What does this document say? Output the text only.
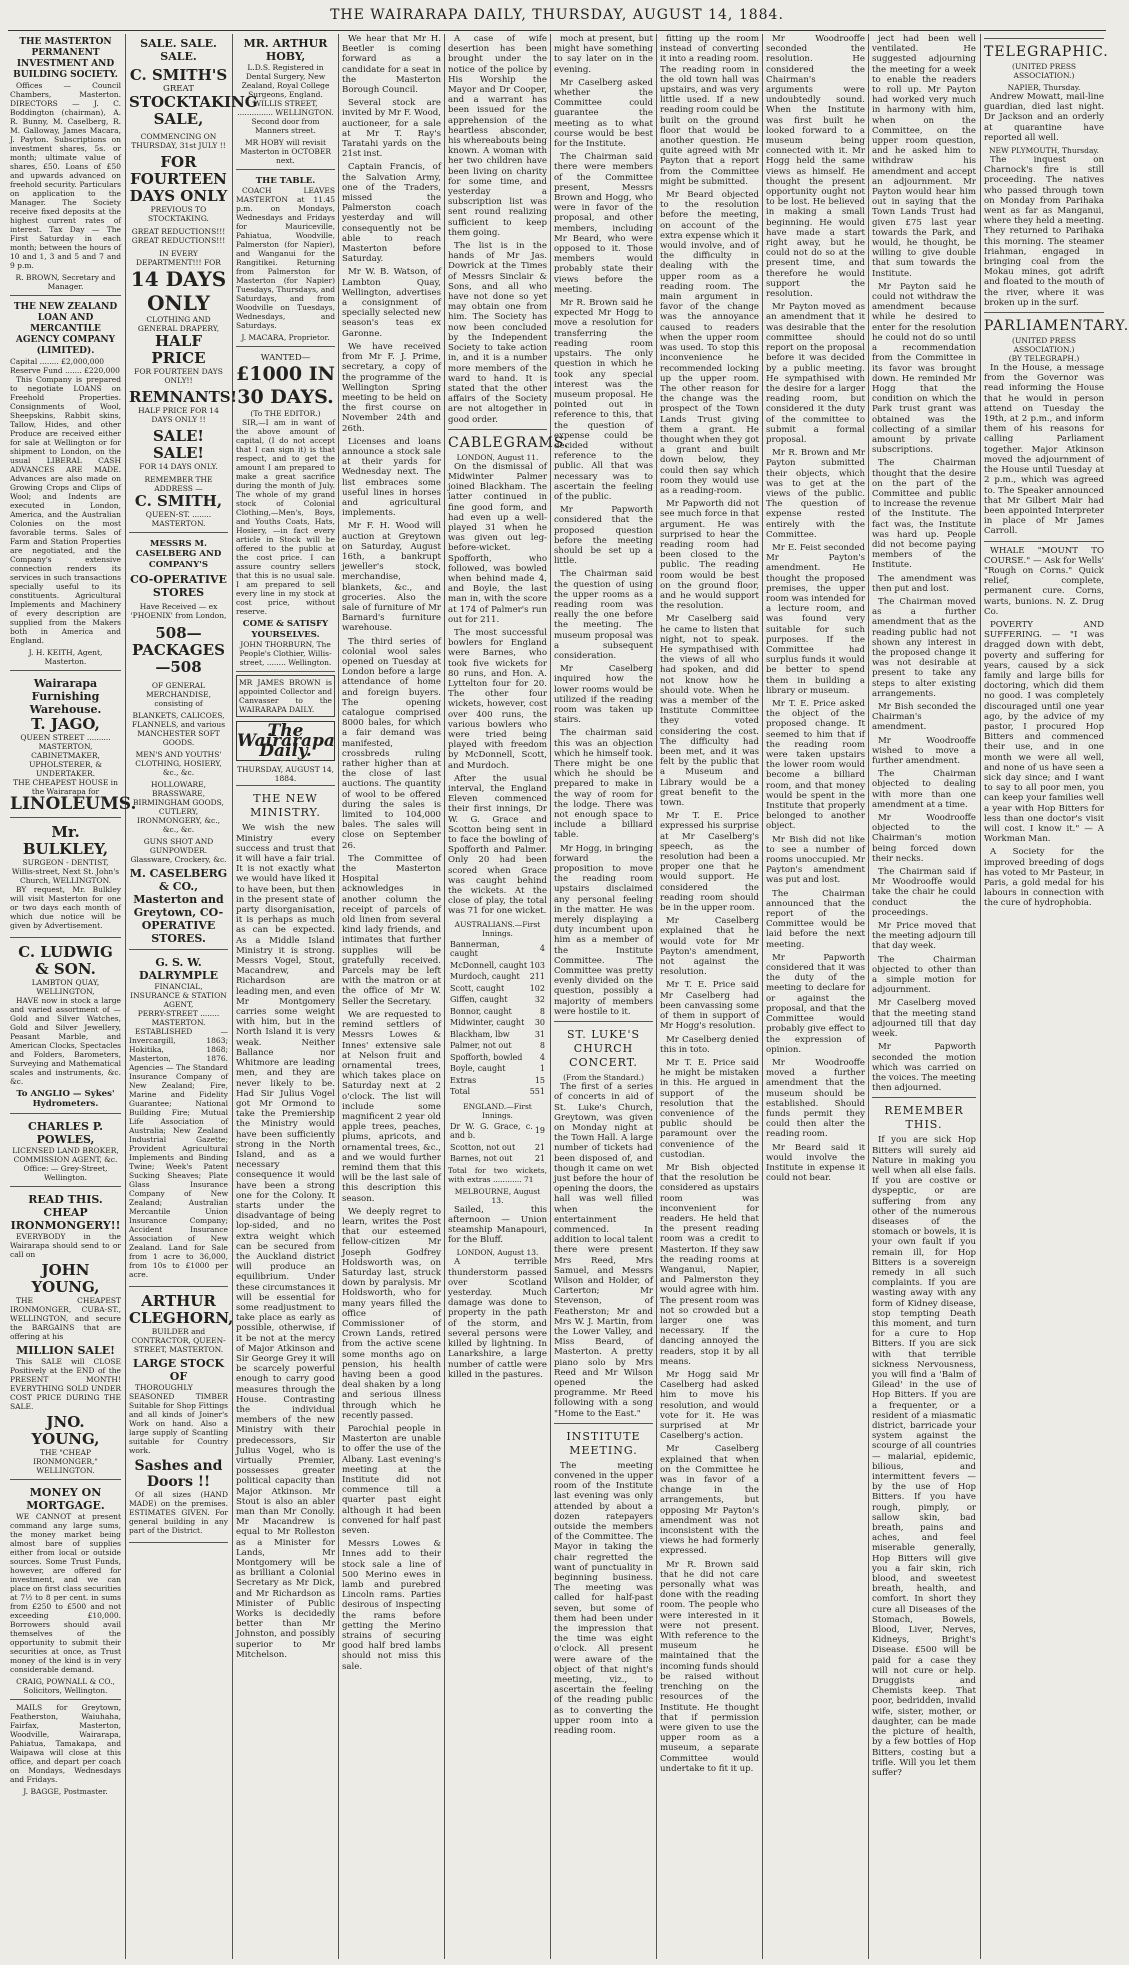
THE WAIRARAPA DAILY, THURSDAY, AUGUST 14, 1884.
THE MASTERTON PERMANENT INVESTMENT AND BUILDING SOCIETY.

Offices — Council Chambers, Masterton. DIRECTORS — J. C. Boddington (chairman), A. R. Bunny, M. Caselberg, R. M. Galloway, James Macara, J. Payton. Subscriptions on investment shares, 5s. or month; ultimate value of shares, £50. Loans of £50 and upwards advanced on freehold security. Particulars on application to the Manager. The Society receive fixed deposits at the highest current rates of interest. Tax Day — The First Saturday in each month; between the hours of 10 and 1, 3 and 5 and 7 and 9 p.m.

R. BROWN, Secretary and Manager.
THE NEW ZEALAND LOAN AND MERCANTILE AGENCY COMPANY (LIMITED).
Capital ........ £2,000,000
Reserve Fund ....... £220,000

This Company is prepared to negotiate LOANS on Freehold Properties. Consignments of Wool, Sheepskins, Rabbit skins, Tallow, Hides, and other Produce are received either for sale at Wellington or for shipment to London, on the usual LIBERAL CASH ADVANCES ARE MADE. Advances are also made on Growing Crops and Clips of Wool; and Indents are executed in London, America, and the Australian Colonies on the most favorable terms. Sales of Farm and Station Properties are negotiated, and the Company's extensive connection renders its services in such transactions specially useful to its constituents. Agricultural Implements and Machinery of every description are supplied from the Makers both in America and England.

J. H. KEITH, Agent, Masterton.
Wairarapa Furnishing Warehouse.
T. JAGO,
QUEEN STREET .......... MASTERTON,
CABINETMAKER, UPHOLSTERER, & UNDERTAKER.
THE CHEAPEST HOUSE in the Wairarapa for
LINOLEUMS.
Mr. BULKLEY,
SURGEON - DENTIST,
Willis-street, Next St. John's Church, WELLINGTON.

BY request, Mr. Bulkley will visit Masterton for one or two days each month of which due notice will be given by Advertisement.

C. LUDWIG & SON.
LAMBTON QUAY, WELLINGTON,

HAVE now in stock a large and varied assortment of — Gold and Silver Watches, Gold and Silver Jewellery, Peasant Marble, and American Clocks, Spectacles and Folders, Barometers, Surveying and Mathematical scales and instruments, &c. &c.

To ANGLIO — Sykes' Hydrometers.
CHARLES P. POWLES,
LICENSED LAND BROKER, COMMISSION AGENT, &c.
Office: — Grey-Street, Wellington.
READ THIS.
CHEAP IRONMONGERY!!

EVERYBODY in the Wairarapa should send to or call on

JOHN YOUNG,

THE CHEAPEST IRONMONGER, CUBA-ST., WELLINGTON, and secure the BARGAINS that are offering at his

MILLION SALE!

This SALE will CLOSE Positively at the END of the PRESENT MONTH! EVERYTHING SOLD UNDER COST PRICE DURING THE SALE.

JNO. YOUNG,
THE "CHEAP IRONMONGER," WELLINGTON.
MONEY ON MORTGAGE.

WE CANNOT at present command any large sums, the money market being almost bare of supplies either from local or outside sources. Some Trust Funds, however, are offered for investment, and we can place on first class securities at 7½ to 8 per cent. in sums from £250 to £500 and not exceeding £10,000. Borrowers should avail themselves of the opportunity to submit their securities at once, as Trust money of the kind is in very considerable demand.

CRAIG, POWNALL & CO., Solicitors, Wellington.

MAILS for Greytown, Featherston, Waiuhaha, Fairfax, Masterton, Woodville, Wairarapa, Pahiatua, Tamakapa, and Waipawa will close at this office, and depart per coach on Mondays, Wednesdays and Fridays.

J. BAGGE, Postmaster.
SALE. SALE. SALE.
C. SMITH'S
GREAT
STOCKTAKING SALE,
COMMENCING ON THURSDAY, 31st JULY !!
FOR FOURTEEN DAYS ONLY
PREVIOUS TO STOCKTAKING.
GREAT REDUCTIONS!!! GREAT REDUCTIONS!!!
IN EVERY DEPARTMENT!!! FOR
14 DAYS ONLY
CLOTHING AND GENERAL DRAPERY,
HALF PRICE
FOR FOURTEEN DAYS ONLY!!
REMNANTS!
HALF PRICE FOR 14 DAYS ONLY !!
SALE! SALE!
FOR 14 DAYS ONLY.
REMEMBER THE ADDRESS —
C. SMITH,
QUEEN-ST. ........ MASTERTON.
MESSRS M. CASELBERG AND COMPANY'S
CO-OPERATIVE STORES
Have Received — ex 'PHOENIX' from London,
508—PACKAGES—508
OF GENERAL MERCHANDISE, consisting of
BLANKETS, CALICOES, FLANNELS, and various MANCHESTER SOFT GOODS.
MEN'S AND YOUTHS' CLOTHING, HOSIERY, &c., &c.
HOLLOWARE, BRASSWARE, BIRMINGHAM GOODS, CUTLERY, IRONMONGERY, &c., &c., &c.
GUNS SHOT AND GUNPOWDER. Glassware, Crockery, &c.
M. CASELBERG & CO., Masterton and Greytown, CO-OPERATIVE STORES.
G. S. W. DALRYMPLE
FINANCIAL, INSURANCE & STATION AGENT,
PERRY-STREET ........ MASTERTON.

ESTABLISHED — Invercargill, 1863; Hokitika, 1868; Masterton, 1876. Agencies — The Standard Insurance Company of New Zealand; Fire, Marine and Fidelity Guarantee; National Building Fire; Mutual Life Association of Australia; New Zealand Industrial Gazette; Provident Agricultural Implements and Binding Twine; Week's Patent Sucking Sheaves; Plate Glass Insurance Company of New Zealand; Australian Mercantile Union Insurance Company; Accident Insurance Association of New Zealand. Land for Sale from 1 acre to 36,000, from 10s to £1000 per acre.

ARTHUR CLEGHORN,
BUILDER and CONTRACTOR, QUEEN-STREET, MASTERTON.
LARGE STOCK OF

THOROUGHLY SEASONED TIMBER Suitable for Shop Fittings and all kinds of Joiner's Work on hand. Also a large supply of Scantling suitable for Country work.

Sashes and Doors !!

Of all sizes (HAND MADE) on the premises. ESTIMATES GIVEN. For general building in any part of the District.

MR. ARTHUR HOBY,
L.D.S. Registered in Dental Surgery, New Zealand, Royal College Surgeons, England.
WILLIS STREET, ............... WELLINGTON. Second door from Manners street.
MR HOBY will revisit Masterton in OCTOBER next.
THE TABLE.

COACH LEAVES MASTERTON at 11.45 p.m. on Mondays, Wednesdays and Fridays for Mauriceville, Pahiatua, Woodville, Palmerston (for Napier), and Wanganui for the Rangitikei. Returning from Palmerston for Masterton (for Napier) Tuesdays, Thursdays, and Saturdays, and from Woodville on Tuesdays, Wednesdays, and Saturdays.

J. MACARA, Proprietor.
WANTED—
£1000 IN 30 DAYS.
(To THE EDITOR.)

SIR,—I am in want of the above amount of capital, (I do not accept that I can sign it) is that respect, and to get the amount I am prepared to make a great sacrifice during the month of July. The whole of my grand stock of Colonial Clothing,—Men's, Boys, and Youths Coats, Hats, Hosiery, —in fact every article in Stock will be offered to the public at the cost price. I can assure country sellers that this is no usual sale. I am prepared to sell every line in my stock at cost price, without reserve.

COME & SATISFY YOURSELVES.
JOHN THORBURN, The People's Clothier, Willis-street, ........ Wellington.
MR JAMES BROWN is appointed Collector and Canvasser to the WAIRARAPA DAILY.
The Wairarapa Daily.
THURSDAY, AUGUST 14, 1884.
THE NEW MINISTRY.

We wish the new Ministry every success and trust that it will have a fair trial. It is not exactly what we would have liked it to have been, but then in the present state of party disorganisation, it is perhaps as much as can be expected. As a Middle Island Ministry it is strong. Messrs Vogel, Stout, Macandrew, and Richardson are leading men, and even Mr Montgomery carries some weight with him, but in the North Island it is very weak. Neither Ballance nor Whitmore are leading men, and they are never likely to be. Had Sir Julius Vogel got Mr Ormond to take the Premiership the Ministry would have been sufficiently strong in the North Island, and as a necessary consequence it would have been a strong one for the Colony. It starts under the disadvantage of being lop-sided, and no extra weight which can be secured from the Auckland district will produce an equilibrium. Under these circumstances it will be essential for some readjustment to take place as early as possible, otherwise, if it be not at the mercy of Major Atkinson and Sir George Grey it will be scarcely powerful enough to carry good measures through the House. Contrasting the individual members of the new Ministry with their predecessors, Sir Julius Vogel, who is virtually Premier, possesses greater political capacity than Major Atkinson. Mr Stout is also an abler man than Mr Conolly. Mr Macandrew is equal to Mr Rolleston as a Minister for Lands, Mr Montgomery will be as brilliant a Colonial Secretary as Mr Dick, and Mr Richardson as Minister of Public Works is decidedly better than Mr Johnston, and possibly superior to Mr Mitchelson.

We hear that Mr H. Beetler is coming forward as a candidate for a seat in the Masterton Borough Council.

Several stock are invited by Mr F. Wood, auctioneer, for a sale at Mr T. Ray's Taratahi yards on the 21st inst.

Captain Francis, of the Salvation Army, one of the Traders, missed the Palmerston coach yesterday and will consequently not be able to reach Masterton before Saturday.

Mr W. B. Watson, of Lambton Quay, Wellington, advertises a consignment of specially selected new season's teas ex Garonne.

We have received from Mr F. J. Prime, secretary, a copy of the programme of the Wellington Spring meeting to be held on the first course on November 24th and 26th.

Licenses and loans announce a stock sale at their yards for Wednesday next. The list embraces some useful lines in horses and agricultural implements.

Mr F. H. Wood will auction at Greytown on Saturday, August 16th, a bankrupt jeweller's stock, merchandise, blankets, &c., and groceries. Also the sale of furniture of Mr Barnard's furniture warehouse.

The third series of colonial wool sales opened on Tuesday at London before a large attendance of home and foreign buyers. The opening catalogue comprised 8000 bales, for which a fair demand was manifested, crossbreds ruling rather higher than at the close of last auctions. The quantity of wool to be offered during the sales is limited to 104,000 bales. The sales will close on September 26.

The Committee of the Masterton Hospital acknowledges in another column the receipt of parcels of old linen from several kind lady friends, and intimates that further supplies will be gratefully received. Parcels may be left with the matron or at the office of Mr W. Seller the Secretary.

We are requested to remind settlers of Messrs Lowes & Innes' extensive sale at Nelson fruit and ornamental trees, which takes place on Saturday next at 2 o'clock. The list will include some magnificent 2 year old apple trees, peaches, plums, apricots, and ornamental trees, &c., and we would further remind them that this will be the last sale of this description this season.

We deeply regret to learn, writes the Post that our esteemed fellow-citizen Mr Joseph Godfrey Holdsworth was, on Saturday last, struck down by paralysis. Mr Holdsworth, who for many years filled the office of Commissioner of Crown Lands, retired from the active scene some months ago on pension, his health having been a good deal shaken by a long and serious illness through which he recently passed.

Parochial people in Masterton are unable to offer the use of the Albany. Last evening's meeting at the Institute did not commence till a quarter past eight although it had been convened for half past seven.

Messrs Lowes & Innes add to their stock sale a line of 500 Merino ewes in lamb and purebred Lincoln rams. Parties desirous of inspecting the rams before getting the Merino strains of securing good half bred lambs should not miss this sale.

A case of wife desertion has been brought under the notice of the police by His Worship the Mayor and Dr Cooper, and a warrant has been issued for the apprehension of the heartless absconder, his whereabouts being known. A woman with her two children have been living on charity for some time, and yesterday a subscription list was sent round realizing sufficient to keep them going.

The list is in the hands of Mr Jas. Dowrick at the Times of Messrs Sinclair & Sons, and all who have not done so yet may obtain one from him. The Society has now been concluded by the Independent Society to take action in, and it is a number more members of the ward to hand. It is stated that the other affairs of the Society are not altogether in good order.

CABLEGRAMS.
LONDON, August 11.

On the dismissal of Midwinter Palmer joined Blackham. The latter continued in fine good form, and had even up a well-played 31 when he was given out leg-before-wicket. Spofforth, who followed, was bowled when behind made 4, and Boyle, the last man in, with the score at 174 of Palmer's run out for 211.

The most successful bowlers for England were Barnes, who took five wickets for 80 runs, and Hon. A. Lyttelton four for 20. The other four wickets, however, cost over 400 runs, the various bowlers who were tried being played with freedom by McDonnell, Scott, and Murdoch.

After the usual interval, the England Eleven commenced their first innings, Dr W. G. Grace and Scotton being sent in to face the bowling of Spofforth and Palmer. Only 20 had been scored when Grace was caught behind the wickets. At the close of play, the total was 71 for one wicket.

AUSTRALIANS.—First Innings.
Bannerman, caught	4
McDonnell, caught	103
Murdoch, caught	211
Scott, caught	102
Giffen, caught	32
Bonnor, caught	8
Midwinter, caught	30
Blackham, lbw	31
Palmer, not out	8
Spofforth, bowled	4
Boyle, caught	1
Extras	15
Total	551
ENGLAND.—First Innings.
Dr W. G. Grace, c. and b.	19
Scotton, not out	21
Barnes, not out	21
Total for two wickets, with extras ............ 71
MELBOURNE, August 13.

Sailed, this afternoon — Union steamship Manapouri, for the Bluff.

LONDON, August 13.

A terrible thunderstorm passed over Scotland yesterday. Much damage was done to property in the path of the storm, and several persons were killed by lightning. In Lanarkshire, a large number of cattle were killed in the pastures.

moch at present, but might have something to say later on in the evening.

Mr Caselberg asked whether the Committee could guarantee the meeting as to what course would be best for the Institute.

The Chairman said there were members of the Committee present, Messrs Brown and Hogg, who were in favor of the proposal, and other members, including Mr Beard, who were opposed to it. Those members would probably state their views before the meeting.

Mr R. Brown said he expected Mr Hogg to move a resolution for transferring the reading room upstairs. The only question in which he took any special interest was the museum proposal. He pointed out in reference to this, that the question of expense could be decided without reference to the public. All that was necessary was to ascertain the feeling of the public.

Mr Papworth considered that the proposed question before the meeting should be set up a little.

The Chairman said the question of using the upper rooms as a reading room was really the one before the meeting. The museum proposal was a subsequent consideration.

Mr Caselberg inquired how the lower rooms would be utilized if the reading room was taken up stairs.

The chairman said this was an objection which he himself took. There might be one which he should be prepared to make in the way of room for the lodge. There was not enough space to include a billiard table.

Mr Hogg, in bringing forward the proposition to move the reading room upstairs disclaimed any personal feeling in the matter. He was merely displaying a duty incumbent upon him as a member of the Institute Committee. The Committee was pretty evenly divided on the question, possibly a majority of members were hostile to it.

ST. LUKE'S CHURCH CONCERT.
(From the Standard.)

The first of a series of concerts in aid of St. Luke's Church, Greytown, was given on Monday night at the Town Hall. A large number of tickets had been disposed of, and though it came on wet just before the hour of opening the doors, the hall was well filled when the entertainment commenced. In addition to local talent there were present Mrs Reed, Mrs Samuel, and Messrs Wilson and Holder, of Carterton; Mr Stevenson, of Featherston; Mr and Mrs W. J. Martin, from the Lower Valley, and Miss Beard, of Masterton. A pretty piano solo by Mrs Reed and Mr Wilson opened the programme. Mr Reed following with a song "Home to the East."

INSTITUTE MEETING.

The meeting convened in the upper room of the Institute last evening was only attended by about a dozen ratepayers outside the members of the Committee. The Mayor in taking the chair regretted the want of punctuality in beginning business. The meeting was called for half-past seven, but some of them had been under the impression that the time was eight o'clock. All present were aware of the object of that night's meeting, viz., to ascertain the feeling of the reading public as to converting the upper room into a reading room.

fitting up the room instead of converting it into a reading room. The reading room in the old town hall was upstairs, and was very little used. If a new reading room could be built on the ground floor that would be another question. He quite agreed with Mr Payton that a report from the Committee might be submitted.

Mr Beard objected to the resolution before the meeting, on account of the extra expense which it would involve, and of the difficulty in dealing with the upper room as a reading room. The main argument in favor of the change was the annoyance caused to readers when the upper room was used. To stop this inconvenience he recommended locking up the upper room. The other reason for the change was the prospect of the Town Lands Trust giving them a grant. He thought when they got a grant and built down below, they could then say which room they would use as a reading-room.

Mr Papworth did not see much force in that argument. He was surprised to hear the reading room had been closed to the public. The reading room would be best on the ground floor, and he would support the resolution.

Mr Caselberg said he came to listen that night, not to speak. He sympathised with the views of all who had spoken, and did not know how he should vote. When he was a member of the Institute Committee they voted considering the cost. The difficulty had been met, and it was felt by the public that a Museum and Library would be a great benefit to the town.

Mr T. E. Price expressed his surprise at Mr Caselberg's speech, as the resolution had been a proper one that he would support. He considered the reading room should be in the upper room.

Mr Caselberg explained that he would vote for Mr Payton's amendment, not against the resolution.

Mr T. E. Price said Mr Caselberg had been canvassing some of them in support of Mr Hogg's resolution.

Mr Caselberg denied this in toto.

Mr T. E. Price said he might be mistaken in this. He argued in support of the resolution that the convenience of the public should be paramount over the convenience of the custodian.

Mr Bish objected that the resolution be considered as upstairs room was inconvenient for readers. He held that the present reading room was a credit to Masterton. If they saw the reading rooms at Wanganui, Napier, and Palmerston they would agree with him. The present room was not so crowded but a larger one was necessary. If the dancing annoyed the readers, stop it by all means.

Mr Hogg said Mr Caselberg had asked him to move his resolution, and would vote for it. He was surprised at Mr Caselberg's action.

Mr Caselberg explained that when on the Committee he was in favor of a change in the arrangements, but opposing Mr Payton's amendment was not inconsistent with the views he had formerly expressed.

Mr R. Brown said that he did not care personally what was done with the reading room. The people who were interested in it were not present. With reference to the museum he maintained that the incoming funds should be raised without trenching on the resources of the Institute. He thought that if permission were given to use the upper room as a museum, a separate Committee would undertake to fit it up.

Mr Woodrooffe seconded the resolution. He considered the Chairman's arguments were undoubtedly sound. When the Institute was first built he looked forward to a museum being connected with it. Mr Hogg held the same views as himself. He thought the present opportunity ought not to be lost. He believed in making a small beginning. He would have made a start right away, but he could not do so at the present time, and therefore he would support the resolution.

Mr Payton moved as an amendment that it was desirable that the committee should report on the proposal before it was decided by a public meeting. He sympathised with the desire for a larger reading room, but considered it the duty of the committee to submit a formal proposal.

Mr R. Brown and Mr Payton submitted their objects, which was to get at the views of the public. The question of expense rested entirely with the Committee.

Mr E. Feist seconded Mr Payton's amendment. He thought the proposed premises, the upper room was intended for a lecture room, and was found very suitable for such purposes. If the Committee had surplus funds it would be better to spend them in building a library or museum.

Mr T. E. Price asked the object of the proposed change. It seemed to him that if the reading room were taken upstairs the lower room would become a billiard room, and that money would be spent in the Institute that properly belonged to another object.

Mr Bish did not like to see a number of rooms unoccupied. Mr Payton's amendment was put and lost.

The Chairman announced that the report of the Committee would be laid before the next meeting.

Mr Papworth considered that it was the duty of the meeting to declare for or against the proposal, and that the Committee would probably give effect to the expression of opinion.

Mr Woodrooffe moved a further amendment that the museum should be established. Should funds permit they could then alter the reading room.

Mr Beard said it would involve the Institute in expense it could not bear.

ject had been well ventilated. He suggested adjourning the meeting for a week to enable the readers to roll up. Mr Payton had worked very much in harmony with him, when on the Committee, on the upper room question, and he asked him to withdraw his amendment and accept an adjournment. Mr Payton would hear him out in saying that the Town Lands Trust had given £75 last year towards the Park, and would, he thought, be willing to give double that sum towards the Institute.

Mr Payton said he could not withdraw the amendment because while he desired to enter for the resolution he could not do so until a recommendation from the Committee in its favor was brought down. He reminded Mr Hogg that the condition on which the Park trust grant was obtained was the collecting of a similar amount by private subscriptions.

The Chairman thought that the desire on the part of the Committee and public to increase the revenue of the Institute. The fact was, the Institute was hard up. People did not become paying members of the Institute.

The amendment was then put and lost.

The Chairman moved as a further amendment that as the reading public had not shown any interest in the proposed change it was not desirable at present to take any steps to alter existing arrangements.

Mr Bish seconded the Chairman's amendment.

Mr Woodrooffe wished to move a further amendment.

The Chairman objected to dealing with more than one amendment at a time.

Mr Woodrooffe objected to the Chairman's motion being forced down their necks.

The Chairman said if Mr Woodrooffe would take the chair he could conduct the proceedings.

Mr Price moved that the meeting adjourn till that day week.

The Chairman objected to other than a simple motion for adjournment.

Mr Caselberg moved that the meeting stand adjourned till that day week.

Mr Papworth seconded the motion which was carried on the voices. The meeting then adjourned.

REMEMBER THIS.

If you are sick Hop Bitters will surely aid Nature in making you well when all else fails. If you are costive or dyspeptic, or are suffering from any other of the numerous diseases of the stomach or bowels, it is your own fault if you remain ill, for Hop Bitters is a sovereign remedy in all such complaints. If you are wasting away with any form of Kidney disease, stop tempting Death this moment, and turn for a cure to Hop Bitters. If you are sick with that terrible sickness Nervousness, you will find a 'Balm of Gilead' in the use of Hop Bitters. If you are a frequenter, or a resident of a miasmatic district, barricade your system against the scourge of all countries — malarial, epidemic, bilious, and intermittent fevers — by the use of Hop Bitters. If you have rough, pimply, or sallow skin, bad breath, pains and aches, and feel miserable generally, Hop Bitters will give you a fair skin, rich blood, and sweetest breath, health, and comfort. In short they cure all Diseases of the Stomach, Bowels, Blood, Liver, Nerves, Kidneys, Bright's Disease. £500 will be paid for a case they will not cure or help. Druggists and Chemists keep. That poor, bedridden, invalid wife, sister, mother, or daughter, can be made the picture of health, by a few bottles of Hop Bitters, costing but a trifle. Will you let them suffer?

TELEGRAPHIC.
(UNITED PRESS ASSOCIATION.)
NAPIER, Thursday.

Andrew Mowatt, mail-line guardian, died last night. Dr Jackson and an orderly at quarantine have reported all well.

NEW PLYMOUTH, Thursday.

The inquest on Charnock's fire is still proceeding. The natives who passed through town on Monday from Parihaka went as far as Manganui, where they held a meeting. They returned to Parihaka this morning. The steamer Iriahman, engaged in bringing coal from the Mokau mines, got adrift and floated to the mouth of the river, where it was broken up in the surf.

PARLIAMENTARY.
(UNITED PRESS ASSOCIATION.)
(BY TELEGRAPH.)

In the House, a message from the Governor was read informing the House that he would in person attend on Tuesday the 19th, at 2 p.m., and inform them of his reasons for calling Parliament together. Major Atkinson moved the adjournment of the House until Tuesday at 2 p.m., which was agreed to. The Speaker announced that Mr Gilbert Mair had been appointed Interpreter in place of Mr James Carroll.

WHALE "MOUNT TO COURSE." — Ask for Wells' "Rough on Corns." Quick relief, complete, permanent cure. Corns, warts, bunions. N. Z. Drug Co.

POVERTY AND SUFFERING. — "I was dragged down with debt, poverty and suffering for years, caused by a sick family and large bills for doctoring, which did them no good. I was completely discouraged until one year ago, by the advice of my pastor, I procured Hop Bitters and commenced their use, and in one month we were all well, and none of us have seen a sick day since; and I want to say to all poor men, you can keep your families well a year with Hop Bitters for less than one doctor's visit will cost. I know it." — A Workman Man.

A Society for the improved breeding of dogs has voted to Mr Pasteur, in Paris, a gold medal for his labours in connection with the cure of hydrophobia.
